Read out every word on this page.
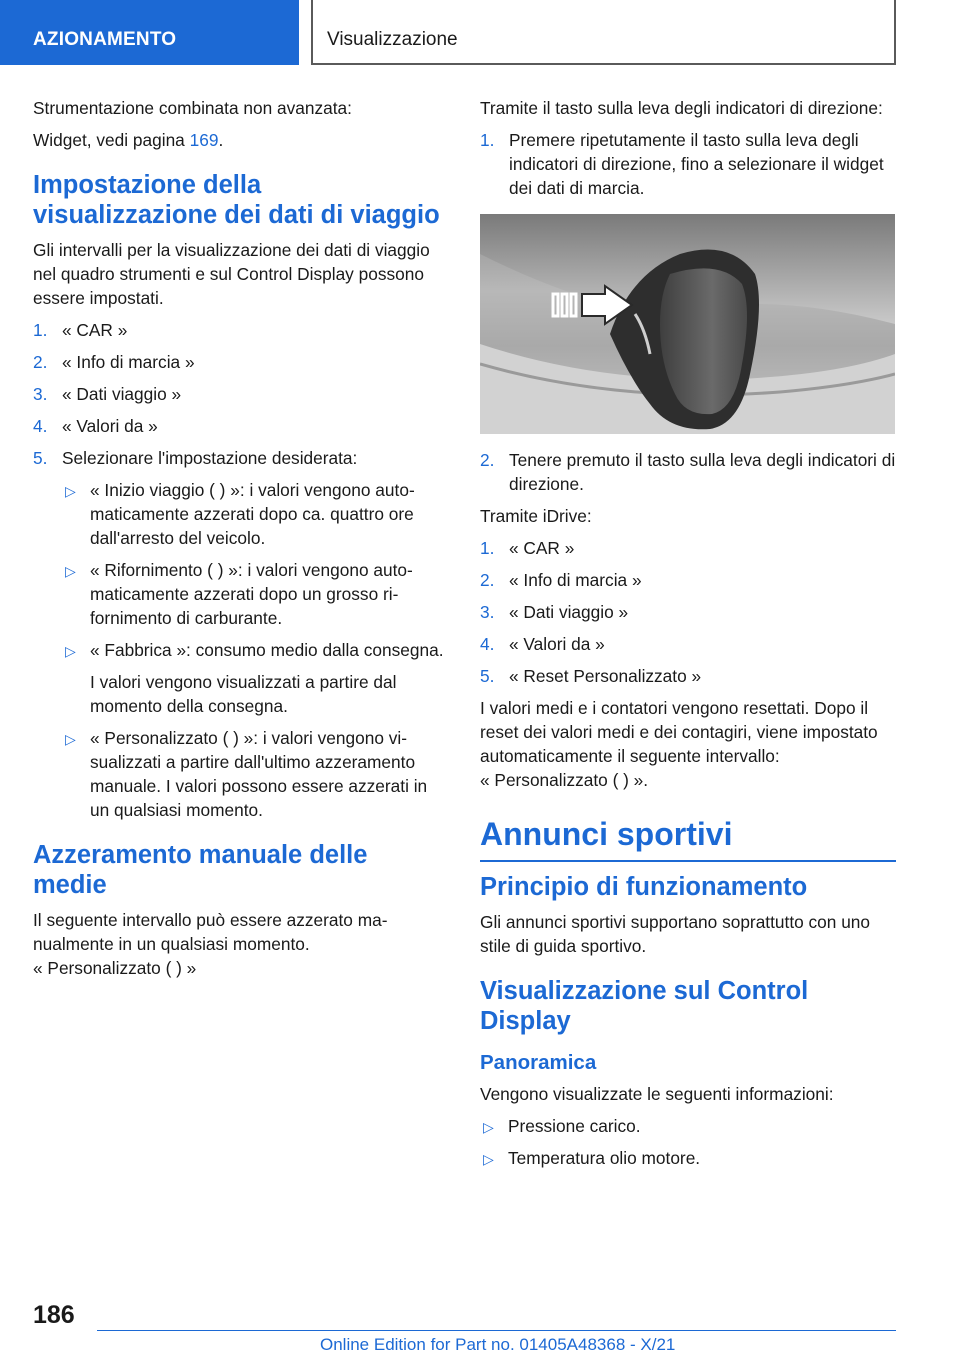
AZIONAMENTO	Visualizzazione

Strumentazione combinata non avanzata:

Widget, vedi pagina 169.

Impostazione della visualizzazione dei dati di viaggio

Gli intervalli per la visualizzazione dei dati di viaggio nel quadro strumenti e sul Control Display possono essere impostati.

1. « CAR »
2. « Info di marcia »
3. « Dati viaggio »
4. « Valori da »
5. Selezionare l'impostazione desiderata:
▷ « Inizio viaggio ( ) »: i valori vengono automaticamente azzerati dopo ca. quattro ore dall'arresto del veicolo.

▷ « Rifornimento ( ) »: i valori vengono automaticamente azzerati dopo un grosso rifornimento di carburante.

▷ « Fabbrica »: consumo medio dalla consegna.

I valori vengono visualizzati a partire dal momento della consegna.

▷ « Personalizzato ( ) »: i valori vengono visualizzati a partire dall'ultimo azzeramento manuale. I valori possono essere azzerati in un qualsiasi momento.

Azzeramento manuale delle medie

Il seguente intervallo può essere azzerato manualmente in un qualsiasi momento.

« Personalizzato ( ) »

Tramite il tasto sulla leva degli indicatori di direzione:

1. Premere ripetutamente il tasto sulla leva degli indicatori di direzione, fino a selezionare il widget dei dati di marcia.
2. Tenere premuto il tasto sulla leva degli indicatori di direzione.

Tramite iDrive:

1. « CAR »
2. « Info di marcia »
3. « Dati viaggio »
4. « Valori da »
5. « Reset Personalizzato »

I valori medi e i contatori vengono resettati. Dopo il reset dei valori medi e dei contagiri, viene impostato automaticamente il seguente intervallo:

« Personalizzato ( ) ».

Annunci sportivi
Principio di funzionamento

Gli annunci sportivi supportano soprattutto con uno stile di guida sportivo.

Visualizzazione sul Control Display
Panoramica

Vengono visualizzate le seguenti informazioni:

▷ Pressione carico.

▷ Temperatura olio motore.

186
Online Edition for Part no. 01405A48368 - X/21
